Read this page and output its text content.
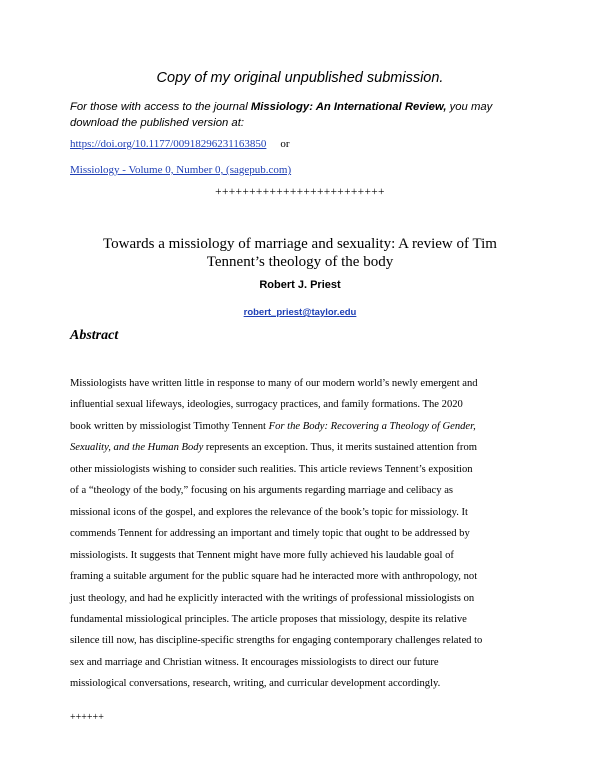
Copy of my original unpublished submission.

For those with access to the journal Missiology: An International Review, you may download the published version at:

https://doi.org/10.1177/00918296231163850 or
Missiology - Volume 0, Number 0, (sagepub.com)

+++++++++++++++++++++++++

Towards a missiology of marriage and sexuality: A review of Tim
Tennent’s theology of the body

Robert J. Priest

robert_priest@taylor.edu

Abstract
Missiologists have written little in response to many of our modern world’s newly emergent and
influential sexual lifeways, ideologies, surrogacy practices, and family formations. The 2020
book written by missiologist Timothy Tennent For the Body: Recovering a Theology of Gender,
Sexuality, and the Human Body represents an exception. Thus, it merits sustained attention from
other missiologists wishing to consider such realities. This article reviews Tennent’s exposition
of a “theology of the body,” focusing on his arguments regarding marriage and celibacy as
missional icons of the gospel, and explores the relevance of the book’s topic for missiology. It
commends Tennent for addressing an important and timely topic that ought to be addressed by
missiologists. It suggests that Tennent might have more fully achieved his laudable goal of
framing a suitable argument for the public square had he interacted more with anthropology, not
just theology, and had he explicitly interacted with the writings of professional missiologists on
fundamental missiological principles. The article proposes that missiology, despite its relative
silence till now, has discipline-specific strengths for engaging contemporary challenges related to
sex and marriage and Christian witness. It encourages missiologists to direct our future
missiological conversations, research, writing, and curricular development accordingly.

++++++
